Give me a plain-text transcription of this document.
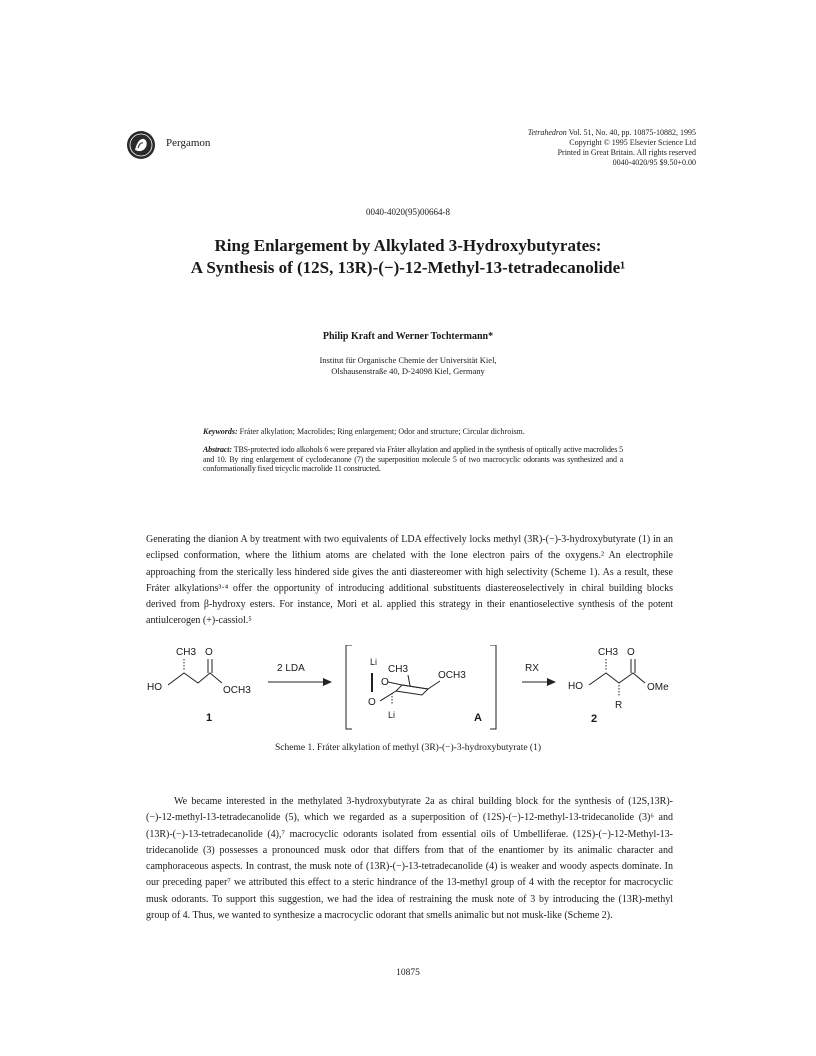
Pergamon
Tetrahedron Vol. 51, No. 40, pp. 10875-10882, 1995
Copyright © 1995 Elsevier Science Ltd
Printed in Great Britain. All rights reserved
0040-4020/95 $9.50+0.00
0040-4020(95)00664-8
Ring Enlargement by Alkylated 3-Hydroxybutyrates:
A Synthesis of (12S, 13R)-(−)-12-Methyl-13-tetradecanolide¹
Philip Kraft and Werner Tochtermann*
Institut für Organische Chemie der Universität Kiel,
Olshausenstraße 40, D-24098 Kiel, Germany
Keywords: Fráter alkylation; Macrolides; Ring enlargement; Odor and structure; Circular dichroism.
Abstract: TBS-protected iodo alkohols 6 were prepared via Fráter alkylation and applied in the synthesis of optically active macrolides 5 and 10. By ring enlargement of cyclodecanone (7) the superposition molecule 5 of two macrocyclic odorants was synthesized and a conformationally fixed tricyclic macrolide 11 constructed.
Generating the dianion A by treatment with two equivalents of LDA effectively locks methyl (3R)-(−)-3-hydroxybutyrate (1) in an eclipsed conformation, where the lithium atoms are chelated with the lone electron pairs of the oxygens.² An electrophile approaching from the sterically less hindered side gives the anti diastereomer with high selectivity (Scheme 1). As a result, these Fráter alkylations³·⁴ offer the opportunity of introducing additional substituents diastereoselectively in chiral building blocks derived from β-hydroxy esters. For instance, Mori et al. applied this strategy in their enantioselective synthesis of the potent antiulcerogen (+)-cassiol.⁵
CH3 O
HO	OCH3
1
2 LDA
Li
CH3
OCH3
O
O
Li	A
RX
CH3 O
HO
R
OMe
2
Scheme 1. Fráter alkylation of methyl (3R)-(−)-3-hydroxybutyrate (1)
We became interested in the methylated 3-hydroxybutyrate 2a as chiral building block for the synthesis of (12S,13R)-(−)-12-methyl-13-tetradecanolide (5), which we regarded as a superposition of (12S)-(−)-12-methyl-13-tridecanolide (3)⁶ and (13R)-(−)-13-tetradecanolide (4),⁷ macrocyclic odorants isolated from essential oils of Umbelliferae. (12S)-(−)-12-Methyl-13-tridecanolide (3) possesses a pronounced musk odor that differs from that of the enantiomer by its animalic character and camphoraceous aspects. In contrast, the musk note of (13R)-(−)-13-tetradecanolide (4) is weaker and woody aspects dominate. In our preceding paper⁷ we attributed this effect to a steric hindrance of the 13-methyl group of 4 with the receptor for macrocyclic musk odorants. To support this suggestion, we had the idea of restraining the musk note of 3 by introducing the (13R)-methyl group of 4. Thus, we wanted to synthesize a macrocyclic odorant that smells animalic but not musk-like (Scheme 2).
10875
